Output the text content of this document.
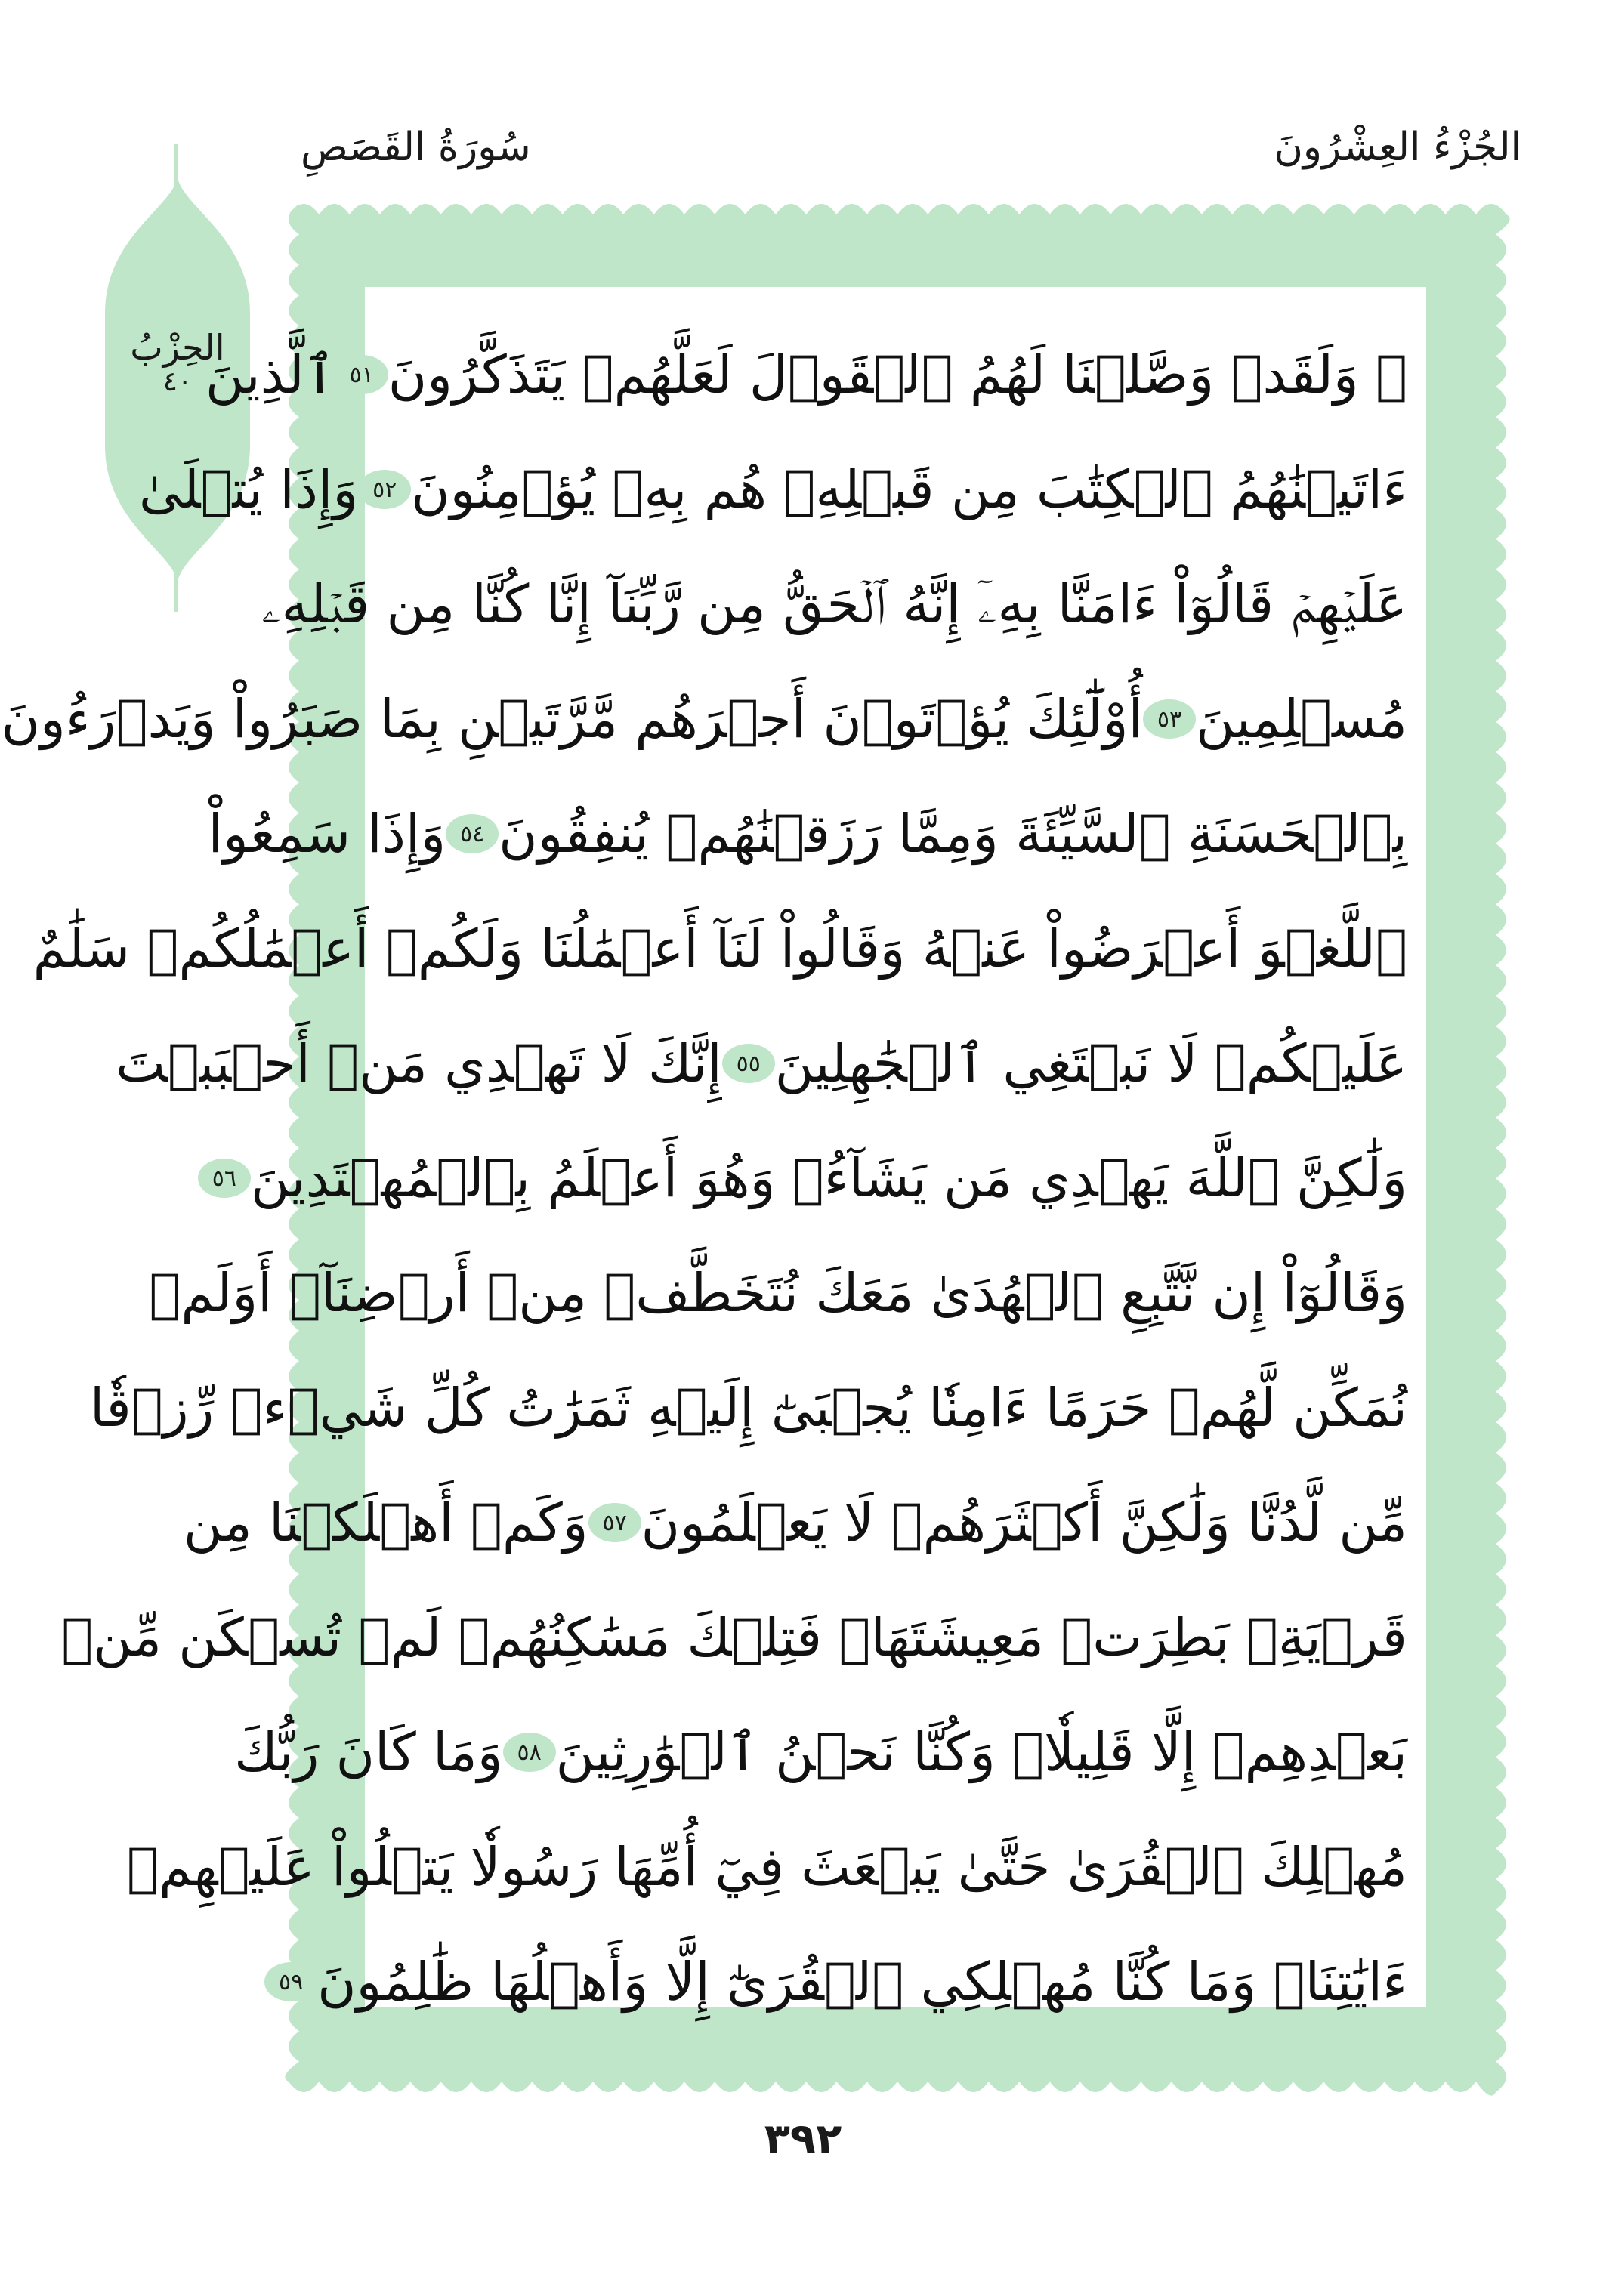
سُورَةُ القَصَصِ	الجُزْءُ العِشْرُونَ
الحِزْبُ
٤٠	۞ وَلَقَدۡ وَصَّلۡنَا لَهُمُ ٱلۡقَوۡلَ لَعَلَّهُمۡ يَتَذَكَّرُونَ
٥١
ٱلَّذِينَ
ءَاتَيۡنَٰهُمُ ٱلۡكِتَٰبَ مِن قَبۡلِهِۦ هُم بِهِۦ يُؤۡمِنُونَ
٥٢
وَإِذَا يُتۡلَىٰ
عَلَيۡهِمۡ قَالُوٓاْ ءَامَنَّا بِهِۦٓ إِنَّهُ ٱلۡحَقُّ مِن رَّبِّنَآ إِنَّا كُنَّا مِن قَبۡلِهِۦ
مُسۡلِمِينَ
٥٣
أُوْلَٰٓئِكَ يُؤۡتَوۡنَ أَجۡرَهُم مَّرَّتَيۡنِ بِمَا صَبَرُواْ وَيَدۡرَءُونَ
بِٱلۡحَسَنَةِ ٱلسَّيِّئَةَ وَمِمَّا رَزَقۡنَٰهُمۡ يُنفِقُونَ
٥٤
وَإِذَا سَمِعُواْ
ٱللَّغۡوَ أَعۡرَضُواْ عَنۡهُ وَقَالُواْ لَنَآ أَعۡمَٰلُنَا وَلَكُمۡ أَعۡمَٰلُكُمۡ سَلَٰمٌ
عَلَيۡكُمۡ لَا نَبۡتَغِي ٱلۡجَٰهِلِينَ
٥٥
إِنَّكَ لَا تَهۡدِي مَنۡ أَحۡبَبۡتَ
وَلَٰكِنَّ ٱللَّهَ يَهۡدِي مَن يَشَآءُۚ وَهُوَ أَعۡلَمُ بِٱلۡمُهۡتَدِينَ
٥٦
وَقَالُوٓاْ إِن نَّتَّبِعِ ٱلۡهُدَىٰ مَعَكَ نُتَخَطَّفۡ مِنۡ أَرۡضِنَآۚ أَوَلَمۡ
نُمَكِّن لَّهُمۡ حَرَمًا ءَامِنٗا يُجۡبَىٰٓ إِلَيۡهِ ثَمَرَٰتُ كُلِّ شَيۡءٖ رِّزۡقٗا
مِّن لَّدُنَّا وَلَٰكِنَّ أَكۡثَرَهُمۡ لَا يَعۡلَمُونَ
٥٧
وَكَمۡ أَهۡلَكۡنَا مِن
قَرۡيَةِۭ بَطِرَتۡ مَعِيشَتَهَاۖ فَتِلۡكَ مَسَٰكِنُهُمۡ لَمۡ تُسۡكَن مِّنۢ
بَعۡدِهِمۡ إِلَّا قَلِيلٗاۖ وَكُنَّا نَحۡنُ ٱلۡوَٰرِثِينَ
٥٨
وَمَا كَانَ رَبُّكَ
مُهۡلِكَ ٱلۡقُرَىٰ حَتَّىٰ يَبۡعَثَ فِيٓ أُمِّهَا رَسُولٗا يَتۡلُواْ عَلَيۡهِمۡ
ءَايَٰتِنَاۚ وَمَا كُنَّا مُهۡلِكِي ٱلۡقُرَىٰٓ إِلَّا وَأَهۡلُهَا ظَٰلِمُونَ
٥٩
٣٩٢
